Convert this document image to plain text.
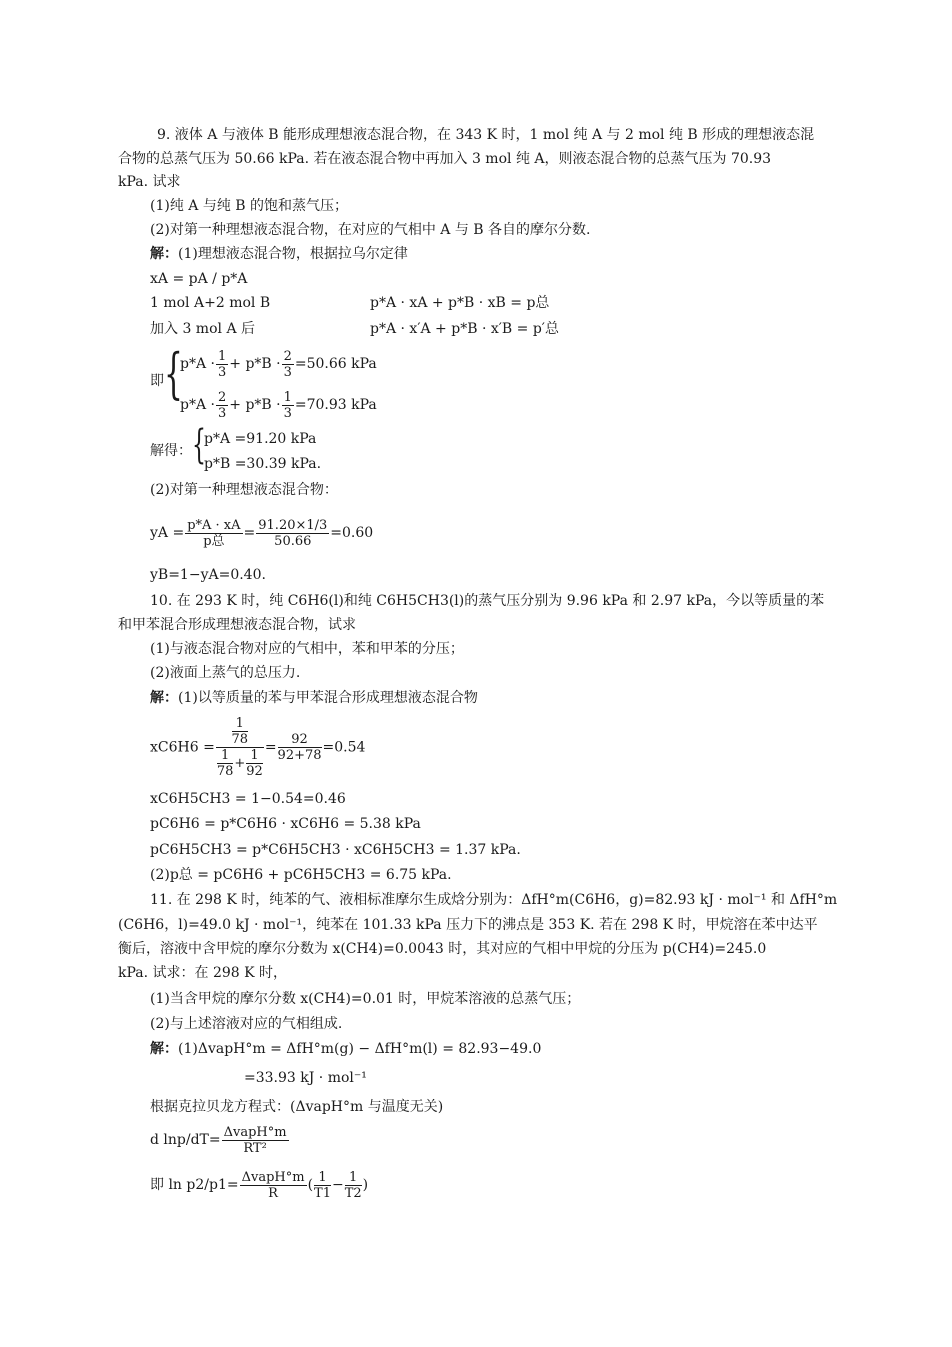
9. 液体 A 与液体 B 能形成理想液态混合物，在 343 K 时，1 mol 纯 A 与 2 mol 纯 B 形成的理想液态混
合物的总蒸气压为 50.66 kPa. 若在液态混合物中再加入 3 mol 纯 A，则液态混合物的总蒸气压为 70.93
kPa. 试求
(1)纯 A 与纯 B 的饱和蒸气压；
(2)对第一种理想液态混合物，在对应的气相中 A 与 B 各自的摩尔分数.
解：(1)理想液态混合物，根据拉乌尔定律
xA = pA / p*A
1 mol A+2 mol B	p*A · xA + p*B · xB = p总
加入 3 mol A 后	p*A · x′A + p*B · x′B = p′总
即 {
$p*A \cdot \frac{1}{3} + p*B \cdot \frac{2}{3} =50.66$ kPa
$p*A \cdot \frac{2}{3} + p*B \cdot \frac{1}{3} =70.93$ kPa
解得： {
p*A =91.20 kPa
p*B =30.39 kPa.
(2)对第一种理想液态混合物：
yA = $\frac{p*A \cdot xA}{\text{p总}} = \frac{91.20\times 1/3}{50.66} =0.60$
yB=1−yA=0.40.
10. 在 293 K 时，纯 C6H6(l)和纯 C6H5CH3(l)的蒸气压分别为 9.96 kPa 和 2.97 kPa，今以等质量的苯
和甲苯混合形成理想液态混合物，试求
(1)与液态混合物对应的气相中，苯和甲苯的分压；
(2)液面上蒸气的总压力.
解：(1)以等质量的苯与甲苯混合形成理想液态混合物
$xC6H6 = \frac{\frac{1}{78}}{\frac{1}{78} + \frac{1}{92}} = \frac{92}{92+78} =0.54$
xC6H5CH3 = 1−0.54=0.46
pC6H6 = p*C6H6 · xC6H6 = 5.38 kPa
pC6H5CH3 = p*C6H5CH3 · xC6H5CH3 = 1.37 kPa.
(2)p总 = pC6H6 + pC6H5CH3 = 6.75 kPa.
11. 在 298 K 时，纯苯的气、液相标准摩尔生成焓分别为：ΔfH°m(C6H6，g)=82.93 kJ · mol⁻¹ 和 ΔfH°m
(C6H6，l)=49.0 kJ · mol⁻¹，纯苯在 101.33 kPa 压力下的沸点是 353 K. 若在 298 K 时，甲烷溶在苯中达平
衡后，溶液中含甲烷的摩尔分数为 x(CH4)=0.0043 时，其对应的气相中甲烷的分压为 p(CH4)=245.0
kPa. 试求：在 298 K 时，
(1)当含甲烷的摩尔分数 x(CH4)=0.01 时，甲烷苯溶液的总蒸气压；
(2)与上述溶液对应的气相组成.
解：(1)ΔvapH°m = ΔfH°m(g) − ΔfH°m(l) = 82.93−49.0
=33.93 kJ · mol⁻¹
根据克拉贝龙方程式：(ΔvapH°m 与温度无关)
d $\ln p/dT= \frac{\text{ΔvapH°m}}{\text{RT²}}$
即 $\ln p2/p1= \frac{\text{ΔvapH°m}}{R}$ ( $\frac{1}{T1} - \frac{1}{T2}$ )
